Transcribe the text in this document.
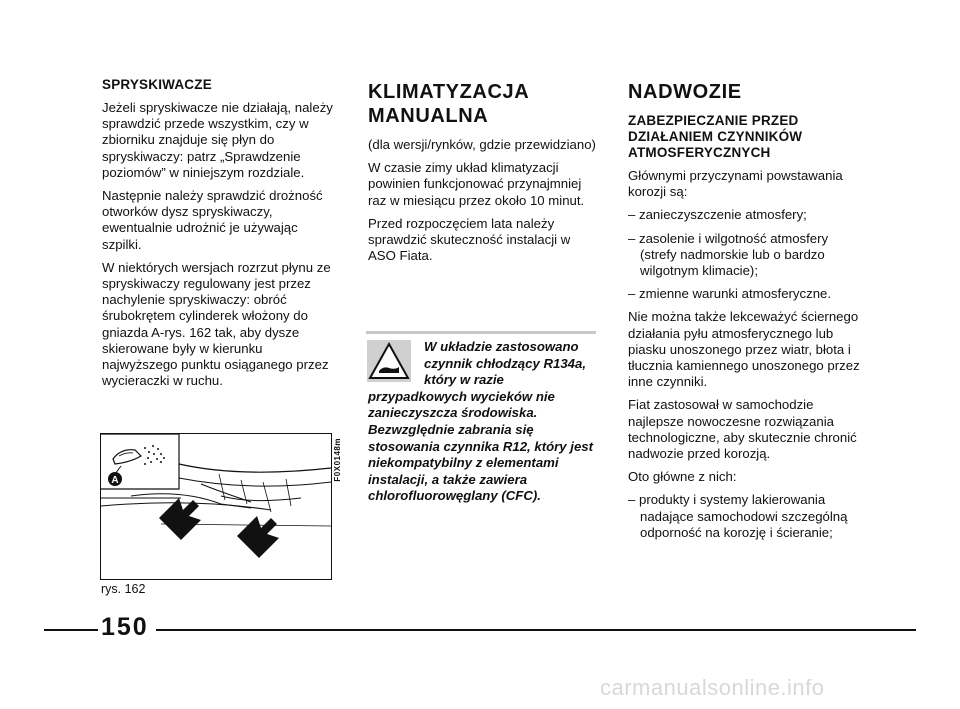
SPRYSKIWACZE

Jeżeli spryskiwacze nie działają, należy sprawdzić przede wszystkim, czy w zbiorniku znajduje się płyn do spryskiwaczy: patrz „Sprawdzenie poziomów” w niniejszym rozdziale.

Następnie należy sprawdzić drożność otworków dysz spryskiwaczy, ewentualnie udrożnić je używając szpilki.

W niektórych wersjach rozrzut płynu ze spryskiwaczy regulowany jest przez nachylenie spryskiwaczy: obróć śrubokrętem cylinderek włożony do gniazda A-rys. 162 tak, aby dysze skierowane były w kierunku najwyższego punktu osiąganego przez wycieraczki w ruchu.

A	F0X0148m
rys. 162
KLIMATYZACJA
MANUALNA

(dla wersji/rynków, gdzie przewidziano)

W czasie zimy układ klimatyzacji powinien funkcjonować przynajmniej raz w miesiącu przez około 10 minut.

Przed rozpoczęciem lata należy sprawdzić skuteczność instalacji w ASO Fiata.

W układzie zastosowano czynnik chłodzący R134a, który w razie
przypadkowych wycieków nie zanieczyszcza środowiska. Bezwzględnie zabrania się stosowania czynnika R12, który jest niekompatybilny z elementami instalacji, a także zawiera chlorofluorowęglany (CFC).
NADWOZIE

ZABEZPIECZANIE PRZED DZIAŁANIEM CZYNNIKÓW ATMOSFERYCZNYCH

Głównymi przyczynami powstawania korozji są:

– zanieczyszczenie atmosfery;

– zasolenie i wilgotność atmosfery (strefy nadmorskie lub o bardzo wilgotnym klimacie);

– zmienne warunki atmosferyczne.

Nie można także lekceważyć ściernego działania pyłu atmosferycznego lub piasku unoszonego przez wiatr, błota i tłucznia kamiennego unoszonego przez inne czynniki.

Fiat zastosował w samochodzie najlepsze nowoczesne rozwiązania technologiczne, aby skutecznie chronić nadwozie przed korozją.

Oto główne z nich:

– produkty i systemy lakierowania nadające samochodowi szczególną odporność na korozję i ścieranie;

150
carmanualsonline.info
